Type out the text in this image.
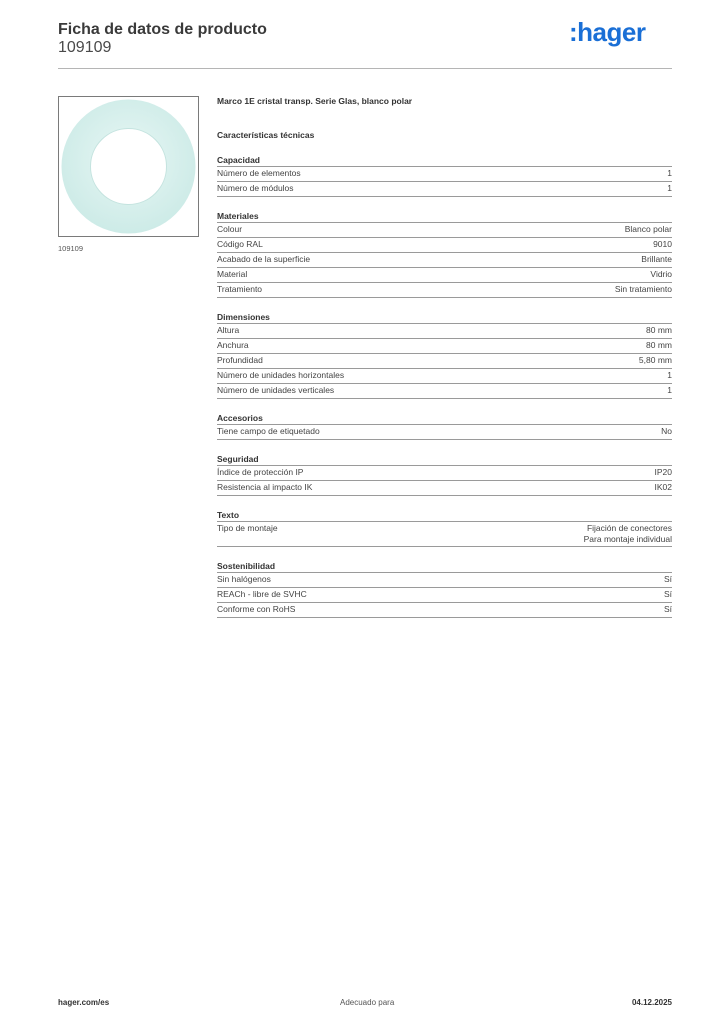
Ficha de datos de producto
109109
:hager
109109
Marco 1E cristal transp. Serie Glas, blanco polar
Características técnicas
Capacidad
Número de elementos	1
Número de módulos	1
Materiales
Colour	Blanco polar
Código RAL	9010
Acabado de la superficie	Brillante
Material	Vidrio
Tratamiento	Sin tratamiento
Dimensiones
Altura	80 mm
Anchura	80 mm
Profundidad	5,80 mm
Número de unidades horizontales	1
Número de unidades verticales	1
Accesorios
Tiene campo de etiquetado	No
Seguridad
Índice de protección IP	IP20
Resistencia al impacto IK	IK02
Texto
Tipo de montaje	Fijación de conectores
Para montaje individual
Sostenibilidad
Sin halógenos	Sí
REACh - libre de SVHC	Sí
Conforme con RoHS	Sí
hager.com/es	Adecuado para	04.12.2025
